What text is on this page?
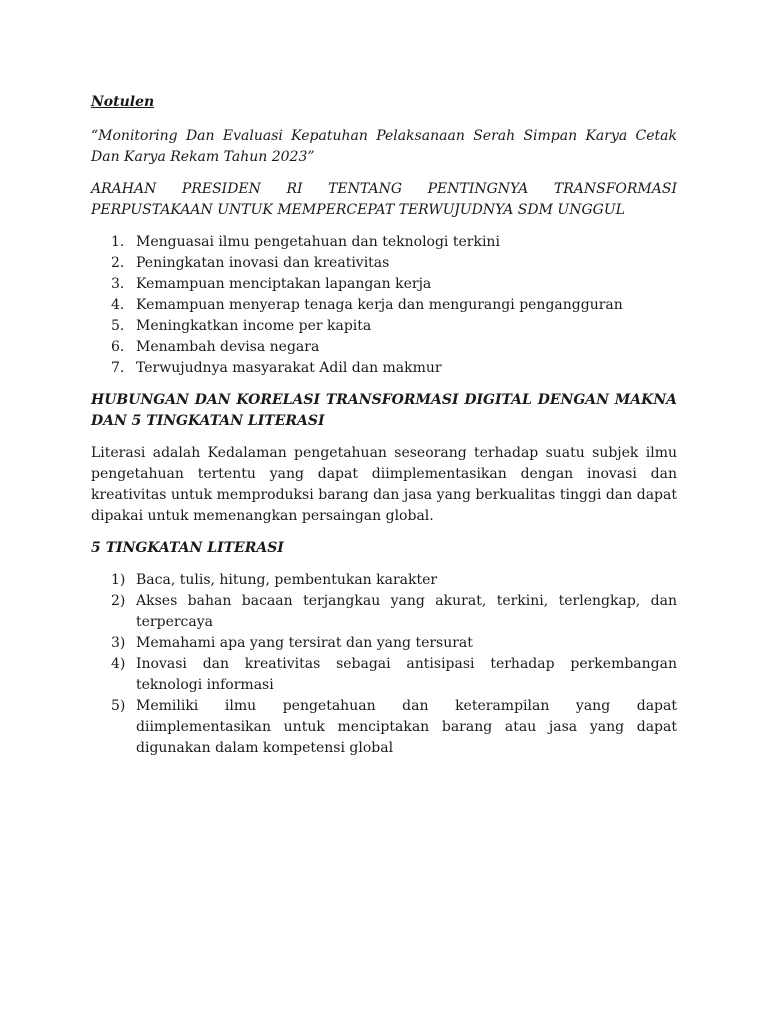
Notulen

“Monitoring Dan Evaluasi Kepatuhan Pelaksanaan Serah Simpan Karya Cetak Dan Karya Rekam Tahun 2023”

ARAHAN PRESIDEN RI TENTANG PENTINGNYA TRANSFORMASI PERPUSTAKAAN UNTUK MEMPERCEPAT TERWUJUDNYA SDM UNGGUL

1. Menguasai ilmu pengetahuan dan teknologi terkini
2. Peningkatan inovasi dan kreativitas
3. Kemampuan menciptakan lapangan kerja
4. Kemampuan menyerap tenaga kerja dan mengurangi pengangguran
5. Meningkatkan income per kapita
6. Menambah devisa negara
7. Terwujudnya masyarakat Adil dan makmur

HUBUNGAN DAN KORELASI TRANSFORMASI DIGITAL DENGAN MAKNA DAN 5 TINGKATAN LITERASI

Literasi adalah Kedalaman pengetahuan seseorang terhadap suatu subjek ilmu pengetahuan tertentu yang dapat diimplementasikan dengan inovasi dan kreativitas untuk memproduksi barang dan jasa yang berkualitas tinggi dan dapat dipakai untuk memenangkan persaingan global.

5 TINGKATAN LITERASI

1) Baca, tulis, hitung, pembentukan karakter
2) Akses bahan bacaan terjangkau yang akurat, terkini, terlengkap, dan terpercaya
3) Memahami apa yang tersirat dan yang tersurat
4) Inovasi dan kreativitas sebagai antisipasi terhadap perkembangan teknologi informasi
5) Memiliki ilmu pengetahuan dan keterampilan yang dapat diimplementasikan untuk menciptakan barang atau jasa yang dapat digunakan dalam kompetensi global
